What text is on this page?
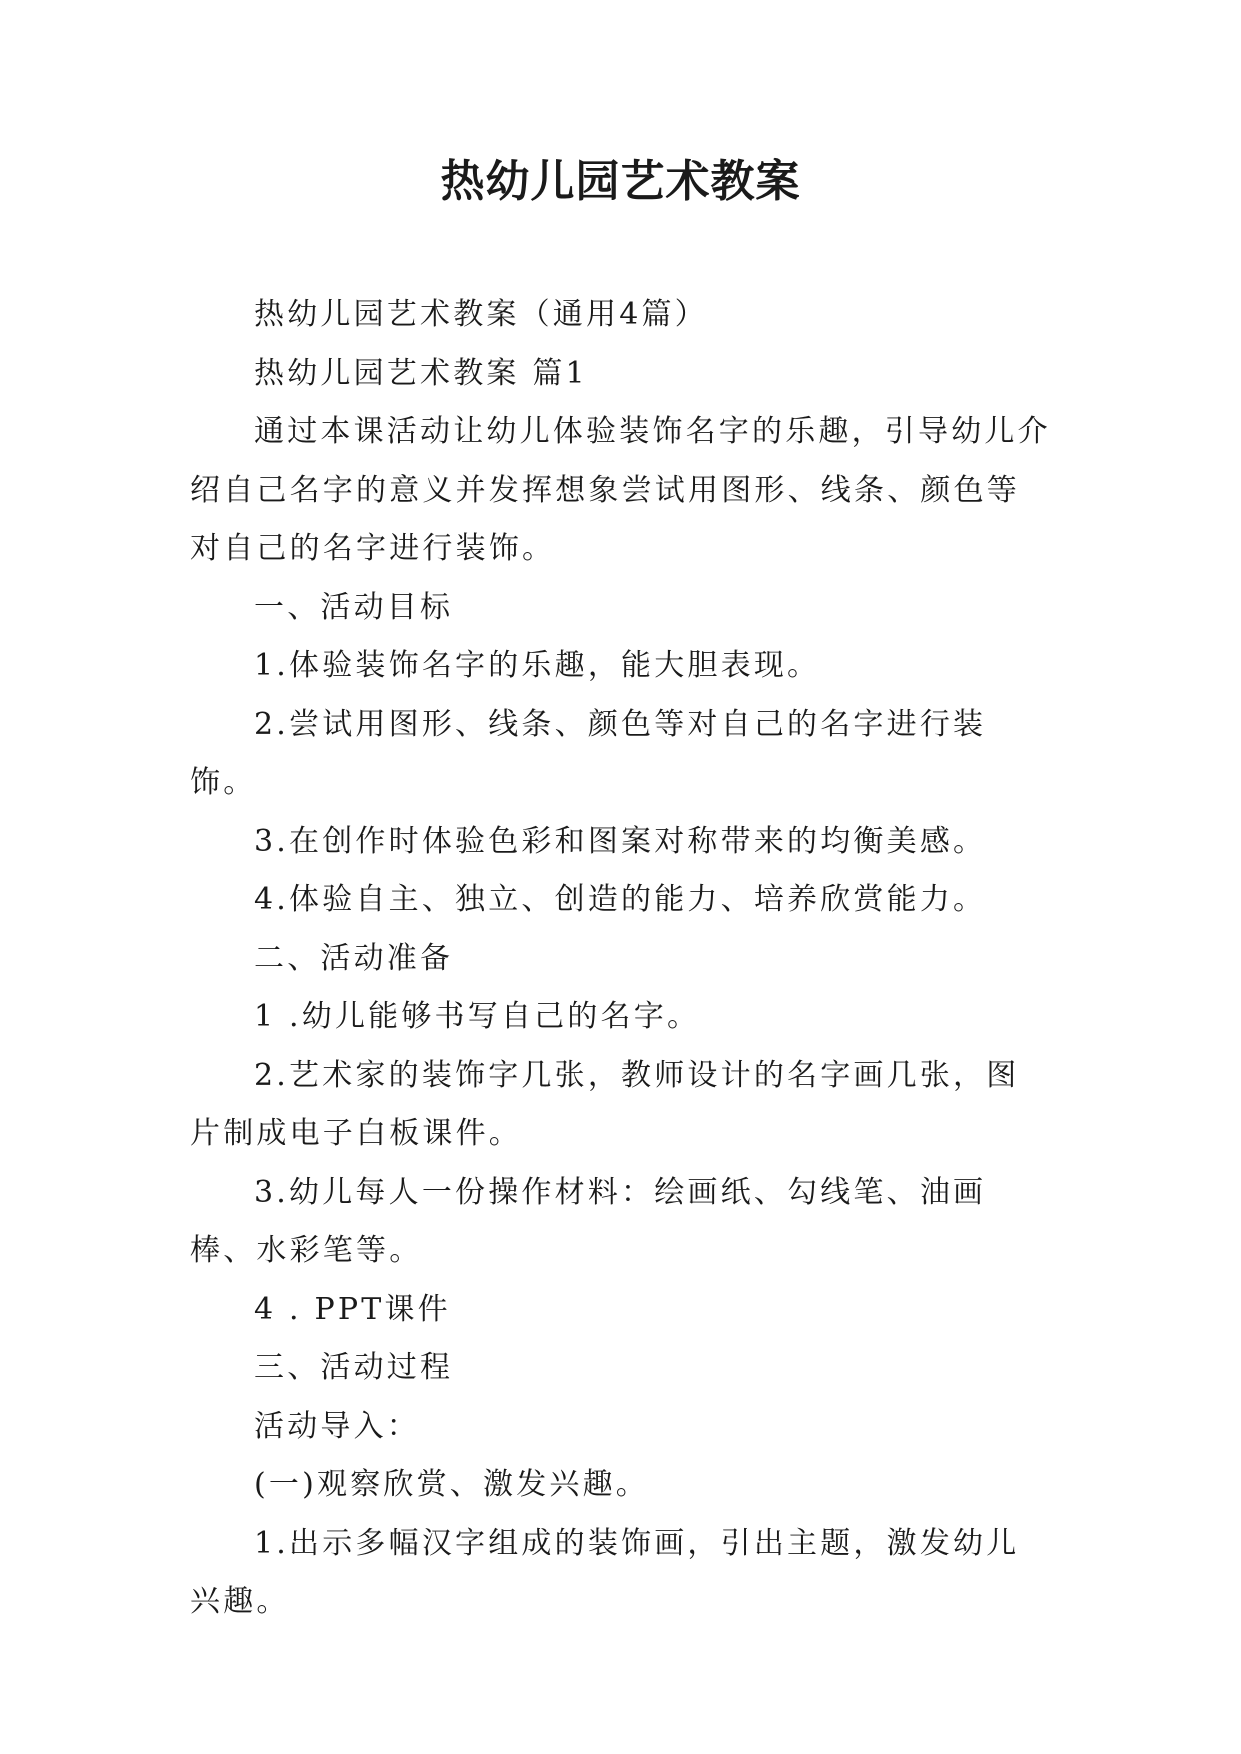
热幼儿园艺术教案

热幼儿园艺术教案（通用4篇）

热幼儿园艺术教案 篇1

通过本课活动让幼儿体验装饰名字的乐趣，引导幼儿介绍自己名字的意义并发挥想象尝试用图形、线条、颜色等对自己的名字进行装饰。

一、活动目标

1.体验装饰名字的乐趣，能大胆表现。

2.尝试用图形、线条、颜色等对自己的名字进行装饰。

3.在创作时体验色彩和图案对称带来的均衡美感。

4.体验自主、独立、创造的能力、培养欣赏能力。

二、活动准备

1 .幼儿能够书写自己的名字。

2.艺术家的装饰字几张，教师设计的名字画几张，图片制成电子白板课件。

3.幼儿每人一份操作材料：绘画纸、勾线笔、油画棒、水彩笔等。

4 . PPT课件

三、活动过程

活动导入：

(一)观察欣赏、激发兴趣。

1.出示多幅汉字组成的装饰画，引出主题，激发幼儿兴趣。
